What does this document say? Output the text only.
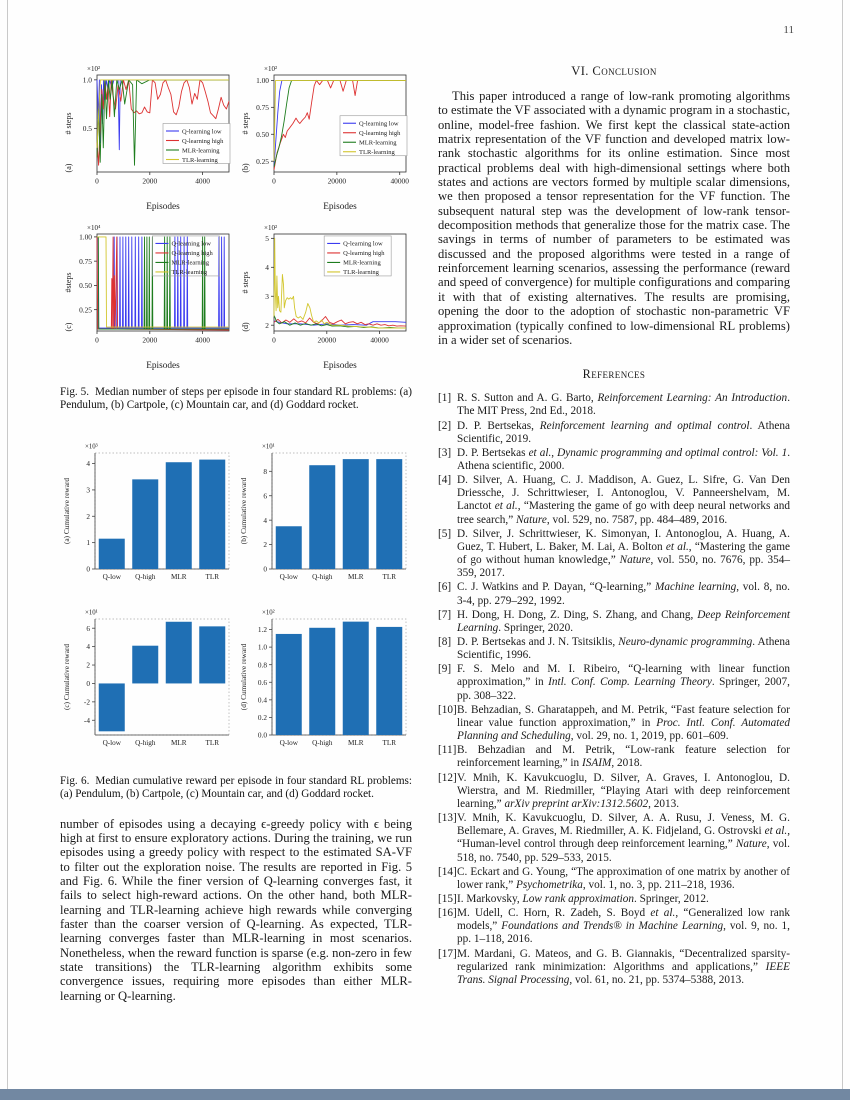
11
0.5
1.0
0	2000	4000
×10²
# steps
(a)
Episodes
Q-learning low
Q-learning high
MLR-learning
TLR-learning	0.25
0.50
0.75
1.00
0	20000	40000
×10²
# steps
(b)
Episodes
Q-learning low
Q-learning high
MLR-learning
TLR-learning
0.25
0.50
0.75
1.00
0	2000	4000
×10⁴
#steps
(c)
Episodes
Q-learning low
Q-learning high
MLR-learning
TLR-learning
2
3
4
5
0	20000	40000
×10²
# steps
(d)
Episodes
Q-learning low
Q-learning high
MLR-learning
TLR-learning
Fig. 5. Median number of steps per episode in four standard RL problems: (a) Pendulum, (b) Cartpole, (c) Mountain car, and (d) Goddard rocket.
0
1
2
3
4
Q-low Q-high MLR	TLR
×10³
(a) Cumulative reward
0
2
4
6
8
Q-low Q-high MLR	TLR
×10¹
(b) Cumulative reward
-4
-2
0
2
4
6
Q-low Q-high MLR	TLR
×10¹
(c) Cumulative reward
0.0
0.2
0.4
0.6
0.8
1.0
1.2
Q-low Q-high MLR	TLR
×10²
(d) Cumulative reward
Fig. 6. Median cumulative reward per episode in four standard RL problems: (a) Pendulum, (b) Cartpole, (c) Mountain car, and (d) Goddard rocket.
number of episodes using a decaying ϵ-greedy policy with ϵ being high at first to ensure exploratory actions. During the training, we run episodes using a greedy policy with respect to the estimated SA-VF to filter out the exploration noise. The results are reported in Fig. 5 and Fig. 6. While the finer version of Q-learning converges fast, it fails to select high-reward actions. On the other hand, both MLR-learning and TLR-learning achieve high rewards while converging faster than the coarser version of Q-learning. As expected, TLR-learning converges faster than MLR-learning in most scenarios. Nonetheless, when the reward function is sparse (e.g. non-zero in few state transitions) the TLR-learning algorithm exhibits some convergence issues, requiring more episodes than either MLR-learning or Q-learning.
VI. Conclusion
This paper introduced a range of low-rank promoting algorithms to estimate the VF associated with a dynamic program in a stochastic, online, model-free fashion. We first kept the classical state-action matrix representation of the VF function and developed matrix low-rank stochastic algorithms for its online estimation. Since most practical problems deal with high-dimensional settings where both states and actions are vectors formed by multiple scalar dimensions, we then proposed a tensor representation for the VF function. The subsequent natural step was the development of low-rank tensor-decomposition methods that generalize those for the matrix case. The savings in terms of number of parameters to be estimated was discussed and the proposed algorithms were tested in a range of reinforcement learning scenarios, assessing the performance (reward and speed of convergence) for multiple configurations and comparing it with that of existing alternatives. The results are promising, opening the door to the adoption of stochastic non-parametric VF approximation (typically confined to low-dimensional RL problems) in a wider set of scenarios.
References

[1] R. S. Sutton and A. G. Barto, Reinforcement Learning: An Introduction. The MIT Press, 2nd Ed., 2018.

[2] D. P. Bertsekas, Reinforcement learning and optimal control. Athena Scientific, 2019.

[3] D. P. Bertsekas et al., Dynamic programming and optimal control: Vol. 1. Athena scientific, 2000.

[4] D. Silver, A. Huang, C. J. Maddison, A. Guez, L. Sifre, G. Van Den Driessche, J. Schrittwieser, I. Antonoglou, V. Panneershelvam, M. Lanctot et al., “Mastering the game of go with deep neural networks and tree search,” Nature, vol. 529, no. 7587, pp. 484–489, 2016.

[5] D. Silver, J. Schrittwieser, K. Simonyan, I. Antonoglou, A. Huang, A. Guez, T. Hubert, L. Baker, M. Lai, A. Bolton et al., “Mastering the game of go without human knowledge,” Nature, vol. 550, no. 7676, pp. 354–359, 2017.

[6] C. J. Watkins and P. Dayan, “Q-learning,” Machine learning, vol. 8, no. 3-4, pp. 279–292, 1992.

[7] H. Dong, H. Dong, Z. Ding, S. Zhang, and Chang, Deep Reinforcement Learning. Springer, 2020.

[8] D. P. Bertsekas and J. N. Tsitsiklis, Neuro-dynamic programming. Athena Scientific, 1996.

[9] F. S. Melo and M. I. Ribeiro, “Q-learning with linear function approximation,” in Intl. Conf. Comp. Learning Theory. Springer, 2007, pp. 308–322.

[10]B. Behzadian, S. Gharatappeh, and M. Petrik, “Fast feature selection for linear value function approximation,” in Proc. Intl. Conf. Automated Planning and Scheduling, vol. 29, no. 1, 2019, pp. 601–609.

[11]B. Behzadian and M. Petrik, “Low-rank feature selection for reinforcement learning,” in ISAIM, 2018.

[12]V. Mnih, K. Kavukcuoglu, D. Silver, A. Graves, I. Antonoglou, D. Wierstra, and M. Riedmiller, “Playing Atari with deep reinforcement learning,” arXiv preprint arXiv:1312.5602, 2013.

[13]V. Mnih, K. Kavukcuoglu, D. Silver, A. A. Rusu, J. Veness, M. G. Bellemare, A. Graves, M. Riedmiller, A. K. Fidjeland, G. Ostrovski et al., “Human-level control through deep reinforcement learning,” Nature, vol. 518, no. 7540, pp. 529–533, 2015.

[14]C. Eckart and G. Young, “The approximation of one matrix by another of lower rank,” Psychometrika, vol. 1, no. 3, pp. 211–218, 1936.

[15]I. Markovsky, Low rank approximation. Springer, 2012.

[16]M. Udell, C. Horn, R. Zadeh, S. Boyd et al., “Generalized low rank models,” Foundations and Trends® in Machine Learning, vol. 9, no. 1, pp. 1–118, 2016.

[17]M. Mardani, G. Mateos, and G. B. Giannakis, “Decentralized sparsity-regularized rank minimization: Algorithms and applications,” IEEE Trans. Signal Processing, vol. 61, no. 21, pp. 5374–5388, 2013.
